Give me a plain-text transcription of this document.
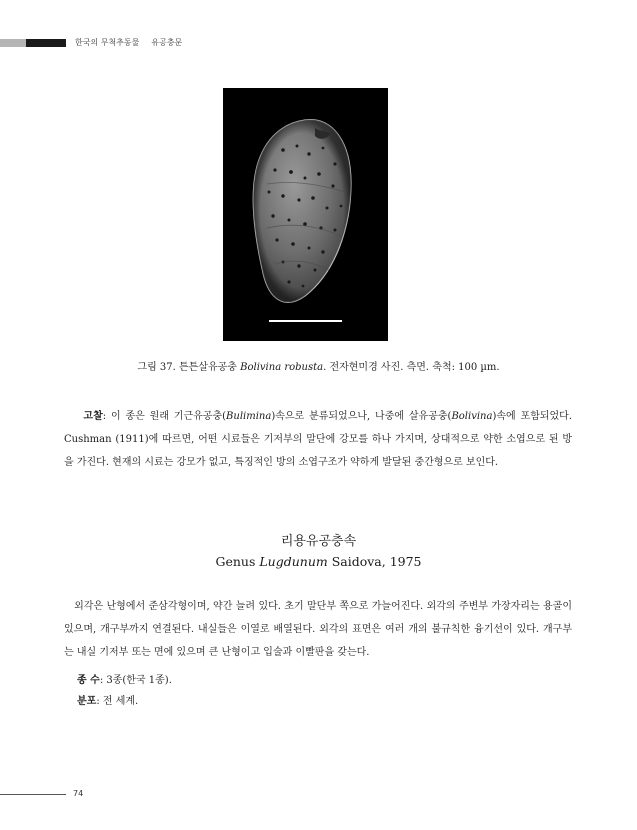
한국의 무척추동물 유공충문
그림 37. 튼튼살유공충 Bolivina robusta. 전자현미경 사진. 측면. 축척: 100 µm.

고찰: 이 종은 원래 기근유공충(Bulimina)속으로 분류되었으나, 나중에 살유공충(Bolivina)속에 포함되었다. Cushman (1911)에 따르면, 어떤 시료들은 기저부의 말단에 강모를 하나 가지며, 상대적으로 약한 소엽으로 된 방을 가진다. 현재의 시료는 강모가 없고, 특징적인 방의 소엽구조가 약하게 발달된 중간형으로 보인다.

리용유공충속
Genus Lugdunum Saidova, 1975

외각은 난형에서 준삼각형이며, 약간 늘려 있다. 초기 말단부 쪽으로 가늘어진다. 외각의 주변부 가장자리는 용골이 있으며, 개구부까지 연결된다. 내실들은 이열로 배열된다. 외각의 표면은 여러 개의 불규칙한 융기선이 있다. 개구부는 내실 기저부 또는 면에 있으며 큰 난형이고 입술과 이빨판을 갖는다.

종 수: 3종(한국 1종).
분포: 전 세계.
74
